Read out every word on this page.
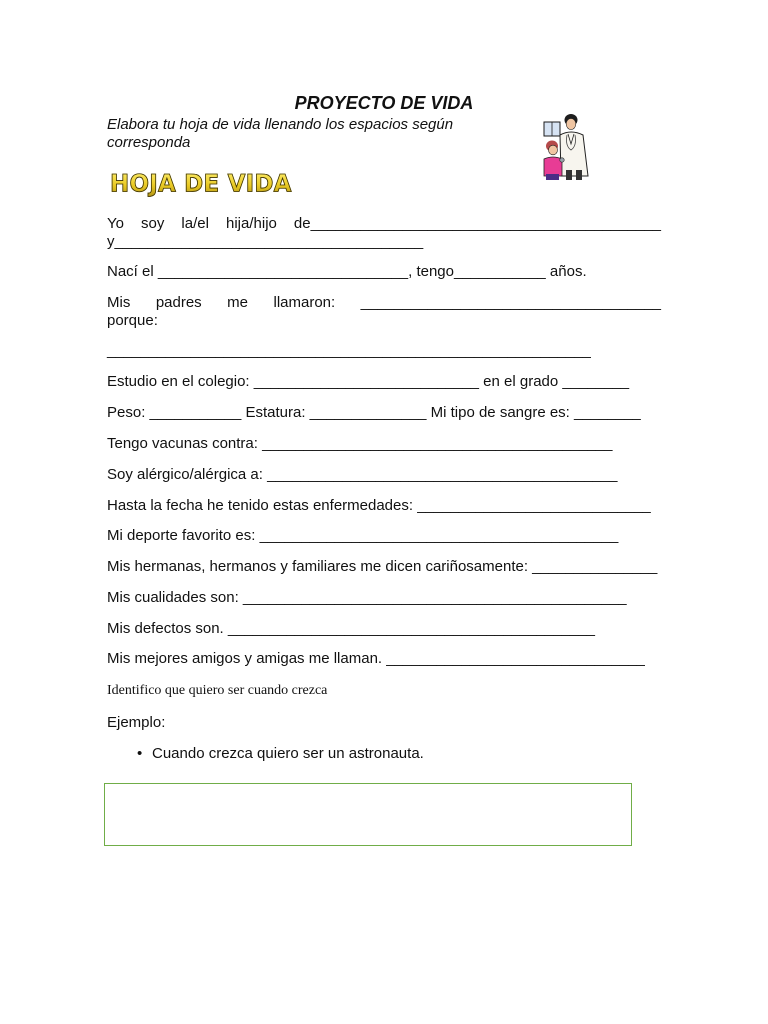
PROYECTO DE VIDA
Elabora tu hoja de vida llenando los espacios según corresponda
HOJA DE VIDA
Yo soy la/el hija/hijo de__________________________________________
y_____________________________________
Nací el ______________________________, tengo___________ años.
Mis padres me llamaron: ____________________________________
porque:
__________________________________________________________
Estudio en el colegio: ___________________________ en el grado ________
Peso: ___________ Estatura: ______________ Mi tipo de sangre es: ________
Tengo vacunas contra: __________________________________________
Soy alérgico/alérgica a: __________________________________________
Hasta la fecha he tenido estas enfermedades: ____________________________
Mi deporte favorito es: ___________________________________________
Mis hermanas, hermanos y familiares me dicen cariñosamente: _______________
Mis cualidades son: ______________________________________________
Mis defectos son. ____________________________________________
Mis mejores amigos y amigas me llaman. _______________________________
Identifico que quiero ser cuando crezca
Ejemplo:
• Cuando crezca quiero ser un astronauta.
